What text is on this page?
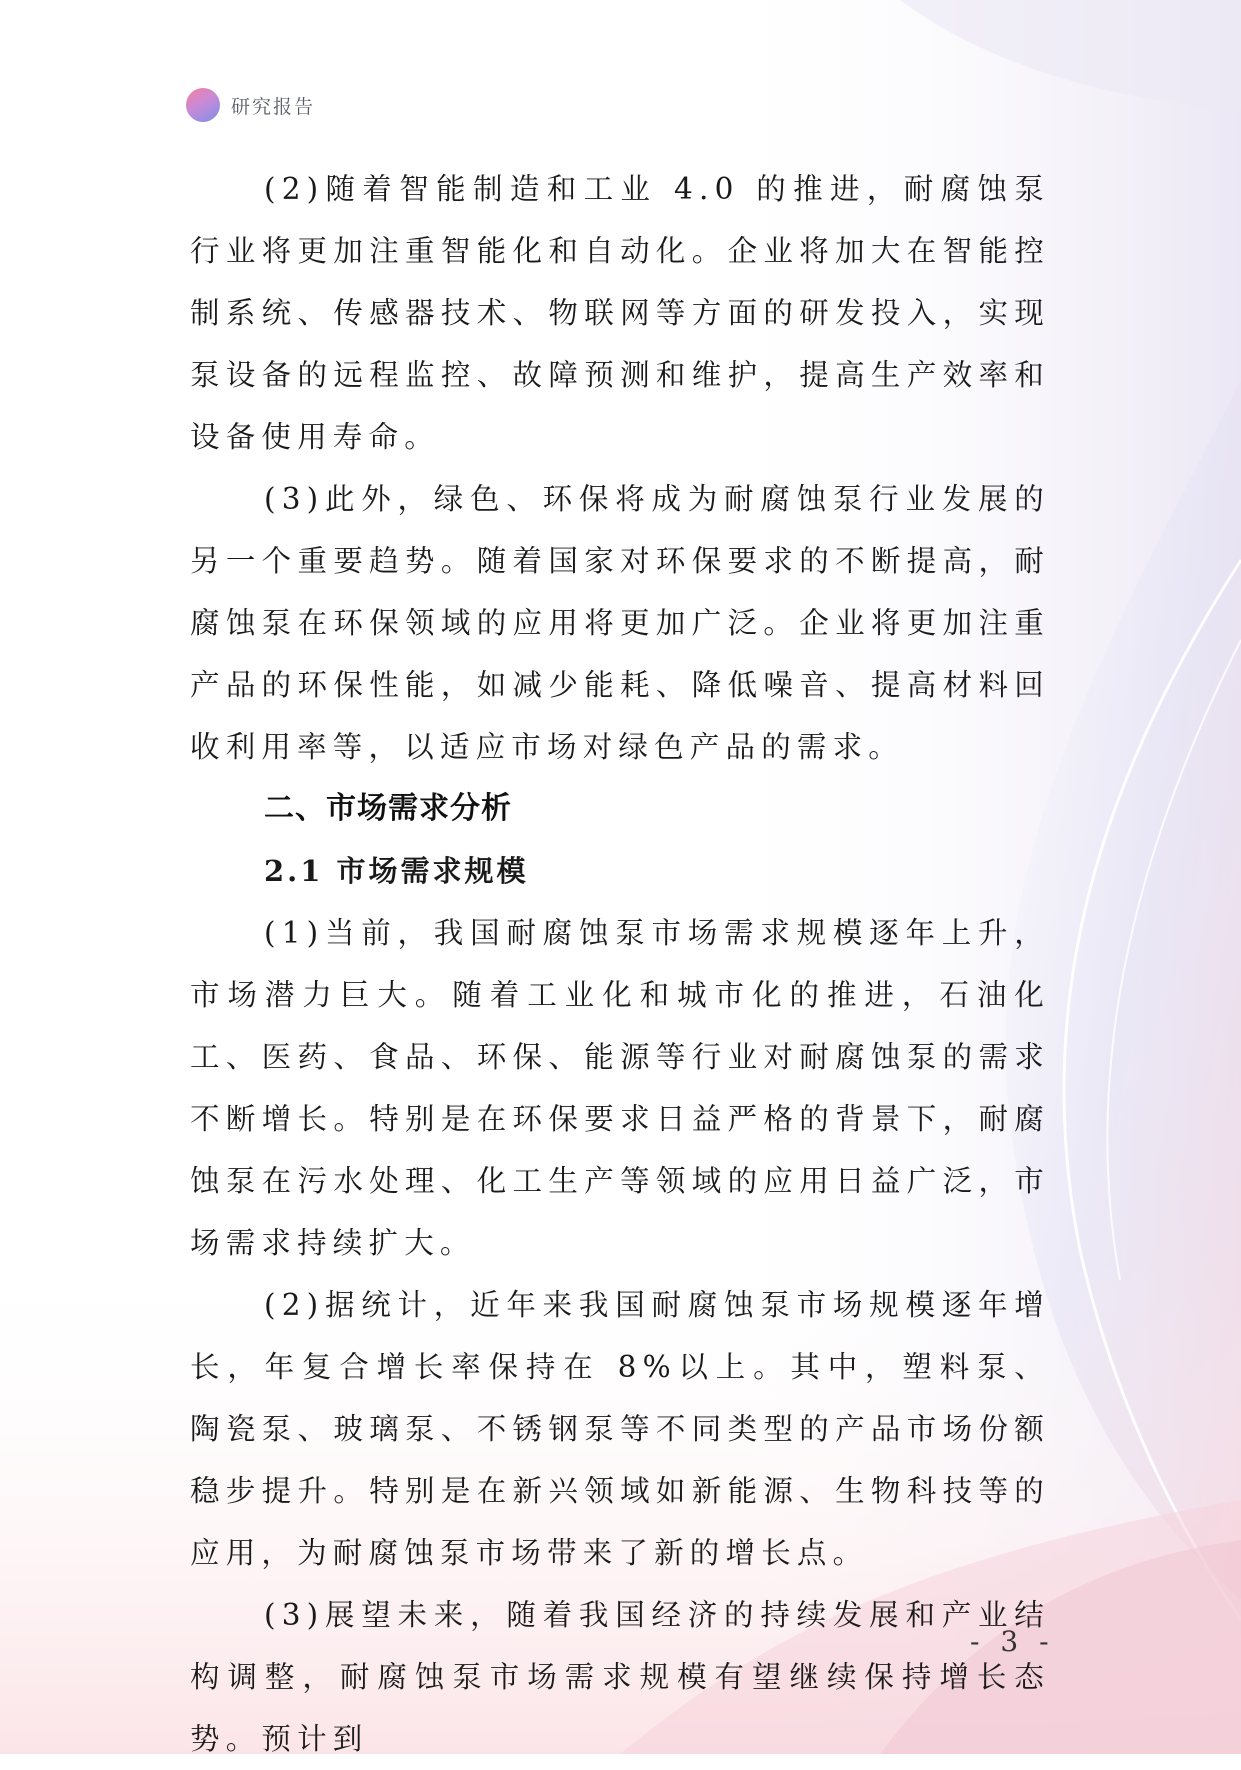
研究报告

(2)随着智能制造和工业 4.0 的推进，耐腐蚀泵行业将更加注重智能化和自动化。企业将加大在智能控制系统、传感器技术、物联网等方面的研发投入，实现泵设备的远程监控、故障预测和维护，提高生产效率和设备使用寿命。

(3)此外，绿色、环保将成为耐腐蚀泵行业发展的另一个重要趋势。随着国家对环保要求的不断提高，耐腐蚀泵在环保领域的应用将更加广泛。企业将更加注重产品的环保性能，如减少能耗、降低噪音、提高材料回收利用率等，以适应市场对绿色产品的需求。

二、市场需求分析
2.1 市场需求规模

(1)当前，我国耐腐蚀泵市场需求规模逐年上升，市场潜力巨大。随着工业化和城市化的推进，石油化工、医药、食品、环保、能源等行业对耐腐蚀泵的需求不断增长。特别是在环保要求日益严格的背景下，耐腐蚀泵在污水处理、化工生产等领域的应用日益广泛，市场需求持续扩大。

(2)据统计，近年来我国耐腐蚀泵市场规模逐年增长，年复合增长率保持在 8%以上。其中，塑料泵、陶瓷泵、玻璃泵、不锈钢泵等不同类型的产品市场份额稳步提升。特别是在新兴领域如新能源、生物科技等的应用，为耐腐蚀泵市场带来了新的增长点。

(3)展望未来，随着我国经济的持续发展和产业结构调整，耐腐蚀泵市场需求规模有望继续保持增长态势。预计到

- 3 -
